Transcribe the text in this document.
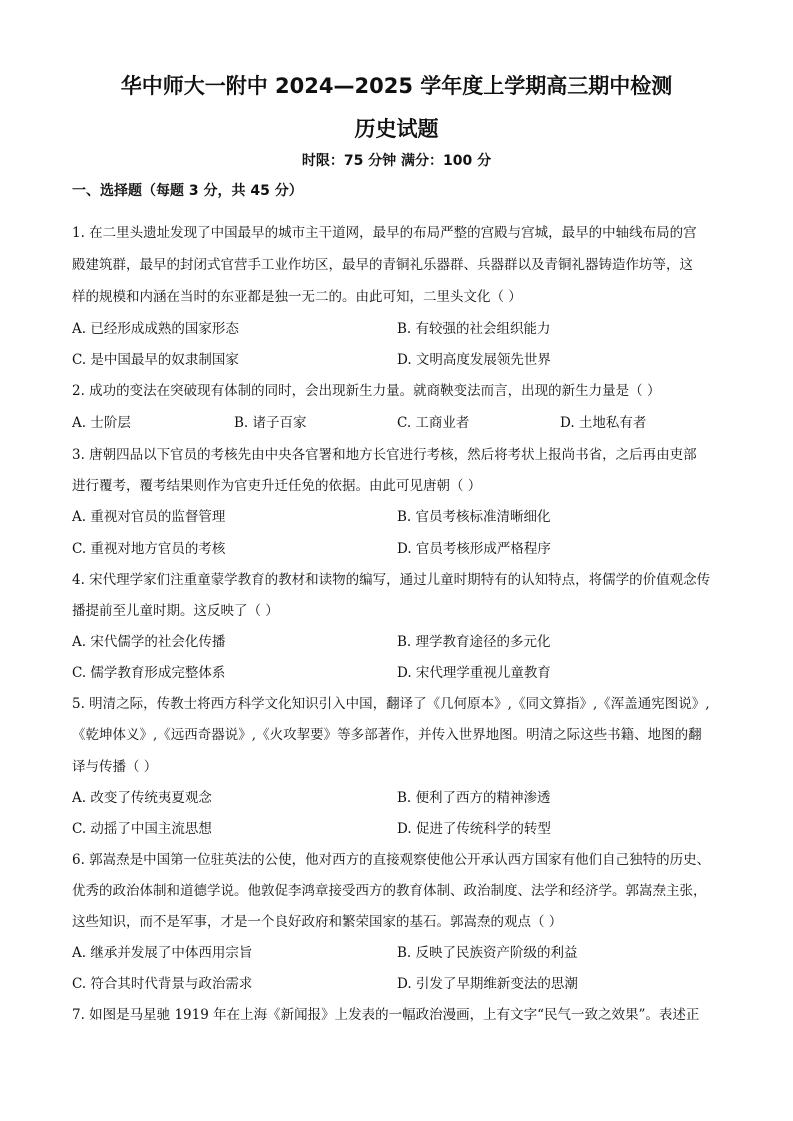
华中师大一附中 2024—2025 学年度上学期高三期中检测
历史试题
时限：75 分钟 满分：100 分
一、选择题（每题 3 分，共 45 分）
1. 在二里头遗址发现了中国最早的城市主干道网，最早的布局严整的宫殿与宫城，最早的中轴线布局的宫
殿建筑群，最早的封闭式官营手工业作坊区，最早的青铜礼乐器群、兵器群以及青铜礼器铸造作坊等，这
样的规模和内涵在当时的东亚都是独一无二的。由此可知，二里头文化（ ）
A. 已经形成成熟的国家形态	B. 有较强的社会组织能力
C. 是中国最早的奴隶制国家	D. 文明高度发展领先世界
2. 成功的变法在突破现有体制的同时，会出现新生力量。就商鞅变法而言，出现的新生力量是（ ）
A. 士阶层	B. 诸子百家	C. 工商业者	D. 土地私有者
3. 唐朝四品以下官员的考核先由中央各官署和地方长官进行考核，然后将考状上报尚书省，之后再由吏部
进行覆考，覆考结果则作为官吏升迁任免的依据。由此可见唐朝（ ）
A. 重视对官员的监督管理	B. 官员考核标准清晰细化
C. 重视对地方官员的考核	D. 官员考核形成严格程序
4. 宋代理学家们注重童蒙学教育的教材和读物的编写，通过儿童时期特有的认知特点，将儒学的价值观念传
播提前至儿童时期。这反映了（ ）
A. 宋代儒学的社会化传播	B. 理学教育途径的多元化
C. 儒学教育形成完整体系	D. 宋代理学重视儿童教育
5. 明清之际，传教士将西方科学文化知识引入中国，翻译了《几何原本》,《同文算指》,《浑盖通宪图说》,
《乾坤体义》,《远西奇器说》,《火攻挈要》等多部著作，并传入世界地图。明清之际这些书籍、地图的翻
译与传播（ ）
A. 改变了传统夷夏观念	B. 便利了西方的精神渗透
C. 动摇了中国主流思想	D. 促进了传统科学的转型
6. 郭嵩焘是中国第一位驻英法的公使，他对西方的直接观察使他公开承认西方国家有他们自己独特的历史、
优秀的政治体制和道德学说。他敦促李鸿章接受西方的教育体制、政治制度、法学和经济学。郭嵩焘主张，
这些知识，而不是军事，才是一个良好政府和繁荣国家的基石。郭嵩焘的观点（ ）
A. 继承并发展了中体西用宗旨	B. 反映了民族资产阶级的利益
C. 符合其时代背景与政治需求	D. 引发了早期维新变法的思潮
7. 如图是马星驰 1919 年在上海《新闻报》上发表的一幅政治漫画，上有文字“民气一致之效果”。表述正
